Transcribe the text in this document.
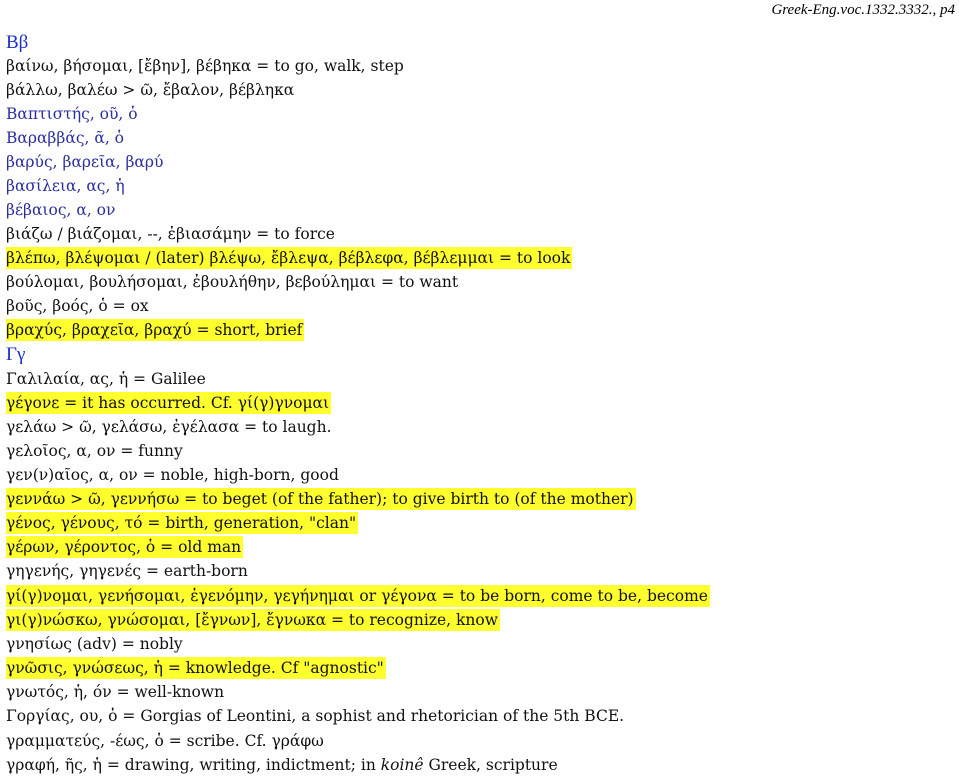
Greek-Eng.voc.1332.3332., p4
Ββ
βαίνω, βήσομαι, [ἔβην], βέβηκα = to go, walk, step
βάλλω, βαλέω > ῶ, ἔβαλον, βέβληκα
Βαπτιστής, οῦ, ὁ
Βαραββάς, ᾶ, ὁ
βαρύς, βαρεῖα, βαρύ
βασίλεια, ας, ἡ
βέβαιος, α, ον
βιάζω / βιάζομαι, --, ἐβιασάμην = to force
βλέπω, βλέψομαι / (later) βλέψω, ἔβλεψα, βέβλεφα, βέβλεμμαι = to look
βούλομαι, βουλήσομαι, ἐβουλήθην, βεβούλημαι = to want
βοῦς, βοός, ὁ = ox
βραχύς, βραχεῖα, βραχύ = short, brief
Γγ
Γαλιλαία, ας, ἡ = Galilee
γέγονε = it has occurred. Cf. γί(γ)γνομαι
γελάω > ῶ, γελάσω, ἐγέλασα = to laugh.
γελοῖος, α, ον = funny
γεν(ν)αῖος, α, ον = noble, high-born, good
γεννάω > ῶ, γεννήσω = to beget (of the father); to give birth to (of the mother)
γένος, γένους, τό = birth, generation, "clan"
γέρων, γέροντος, ὁ = old man
γηγενής, γηγενές = earth-born
γί(γ)νομαι, γενήσομαι, ἐγενόμην, γεγήνημαι or γέγονα = to be born, come to be, become
γι(γ)νώσκω, γνώσομαι, [ἔγνων], ἔγνωκα = to recognize, know
γνησίως (adv) = nobly
γνῶσις, γνώσεως, ἡ = knowledge. Cf "agnostic"
γνωτός, ἡ, όν = well-known
Γοργίας, ου, ὁ = Gorgias of Leontini, a sophist and rhetorician of the 5th BCE.
γραμματεύς, -έως, ὁ = scribe. Cf. γράφω
γραφή, ῆς, ἡ = drawing, writing, indictment; in koinê Greek, scripture
